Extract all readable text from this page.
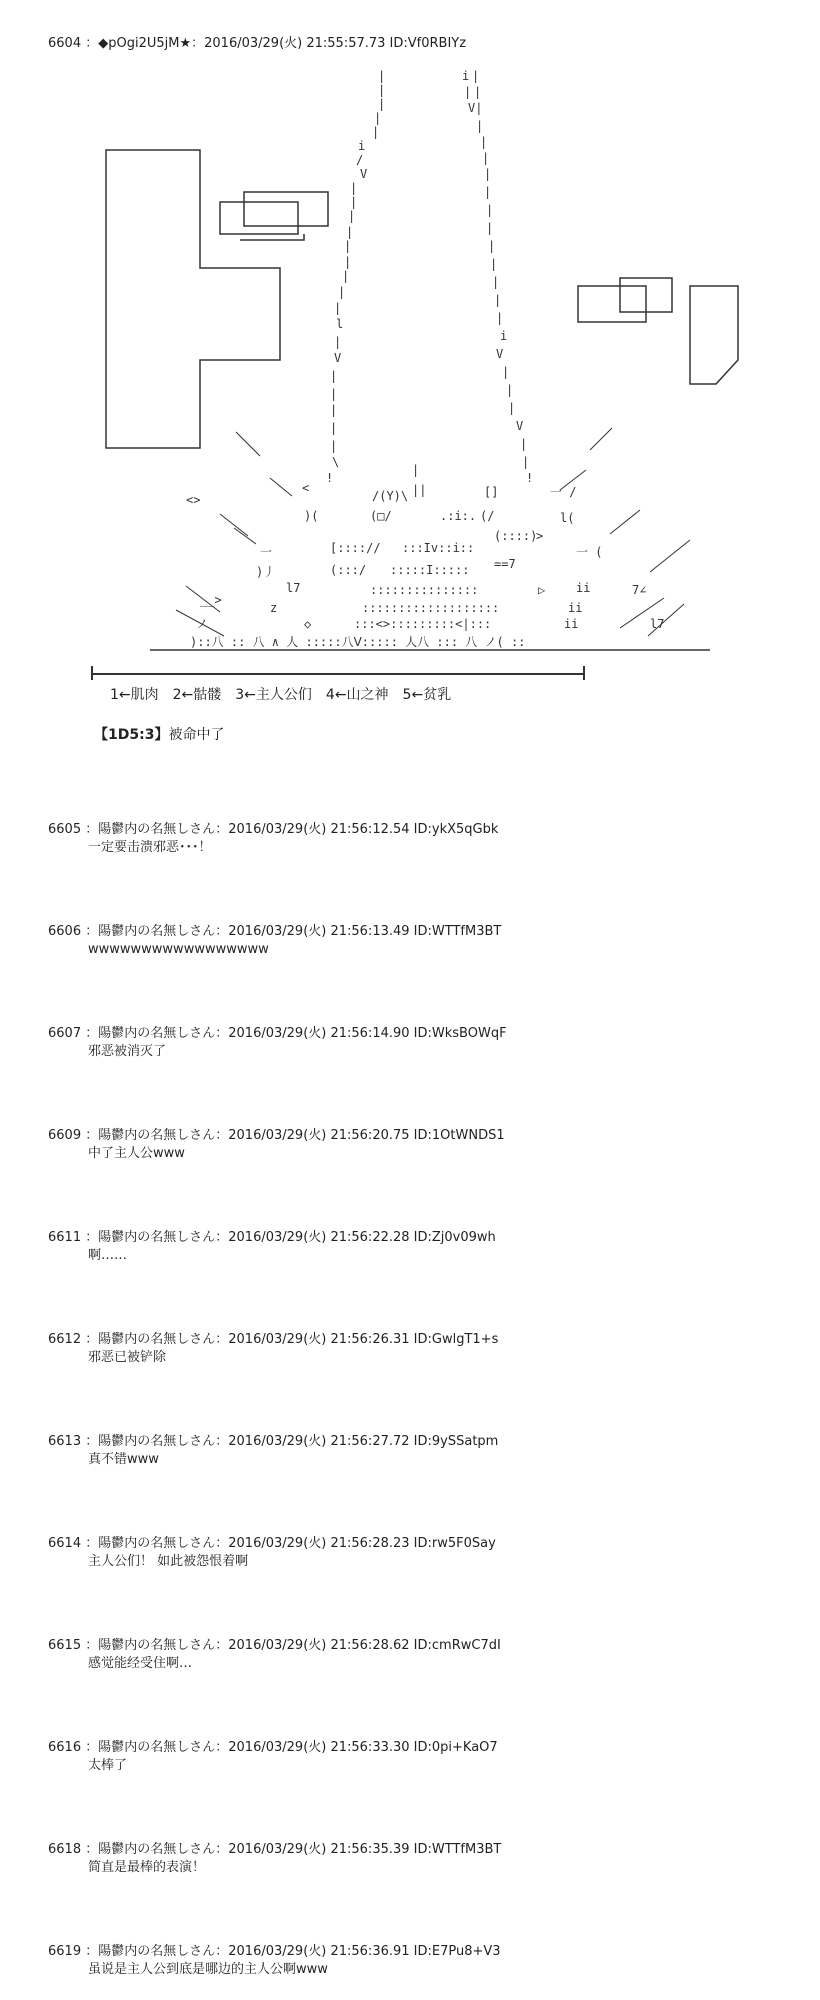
6604 ：◆pOgi2U5jM★：2016/03/29(火) 21:55:57.73 ID:Vf0RBIYz
|
|
|
|
|
i
/
V
|
|
|
|
|
|
|
|
|
l
|
V
|
|
|
|
|
\
!
i |
| |
V|
|
|
|
|
|
|
|
|
|
|
|
|
i
V
|
|
|
V
|
|
!
<>
<
/(Y)\
(□/
|
||	[]	一 /
l(
)(	.:i:. (/
[::::// :::Iv::i::
(::::)
>
一	一 (
(:::/ :::::I::::: ==7
)丿
l7	:::::::::::::::	▷	ii	7∠
__>
z	:::::::::::::::::::	ii
ノ	◇	:::<>:::::::::<|:::	ii	l7
)::八 :: 八 ∧ 人 :::::八Ⅴ::::: 人八 ::: 八 ノ( ::
1←肌肉　2←骷髅　3←主人公们　4←山之神　5←贫乳
【1D5:3】被命中了
6605 ：陽鬱内の名無しさん：2016/03/29(火) 21:56:12.54 ID:ykX5qGbk
一定要击溃邪恶･･･！
6606 ：陽鬱内の名無しさん：2016/03/29(火) 21:56:13.49 ID:WTTfM3BT
wwwwwwwwwwwwwwwww
6607 ：陽鬱内の名無しさん：2016/03/29(火) 21:56:14.90 ID:WksBOWqF
邪恶被消灭了
6609 ：陽鬱内の名無しさん：2016/03/29(火) 21:56:20.75 ID:1OtWNDS1
中了主人公www
6611 ：陽鬱内の名無しさん：2016/03/29(火) 21:56:22.28 ID:Zj0v09wh
啊……
6612 ：陽鬱内の名無しさん：2016/03/29(火) 21:56:26.31 ID:GwlgT1+s
邪恶已被铲除
6613 ：陽鬱内の名無しさん：2016/03/29(火) 21:56:27.72 ID:9ySSatpm
真不错www
6614 ：陽鬱内の名無しさん：2016/03/29(火) 21:56:28.23 ID:rw5F0Say
主人公们！ 如此被怨恨着啊
6615 ：陽鬱内の名無しさん：2016/03/29(火) 21:56:28.62 ID:cmRwC7dI
感觉能经受住啊…
6616 ：陽鬱内の名無しさん：2016/03/29(火) 21:56:33.30 ID:0pi+KaO7
太棒了
6618 ：陽鬱内の名無しさん：2016/03/29(火) 21:56:35.39 ID:WTTfM3BT
简直是最棒的表演！
6619 ：陽鬱内の名無しさん：2016/03/29(火) 21:56:36.91 ID:E7Pu8+V3
虽说是主人公到底是哪边的主人公啊www
